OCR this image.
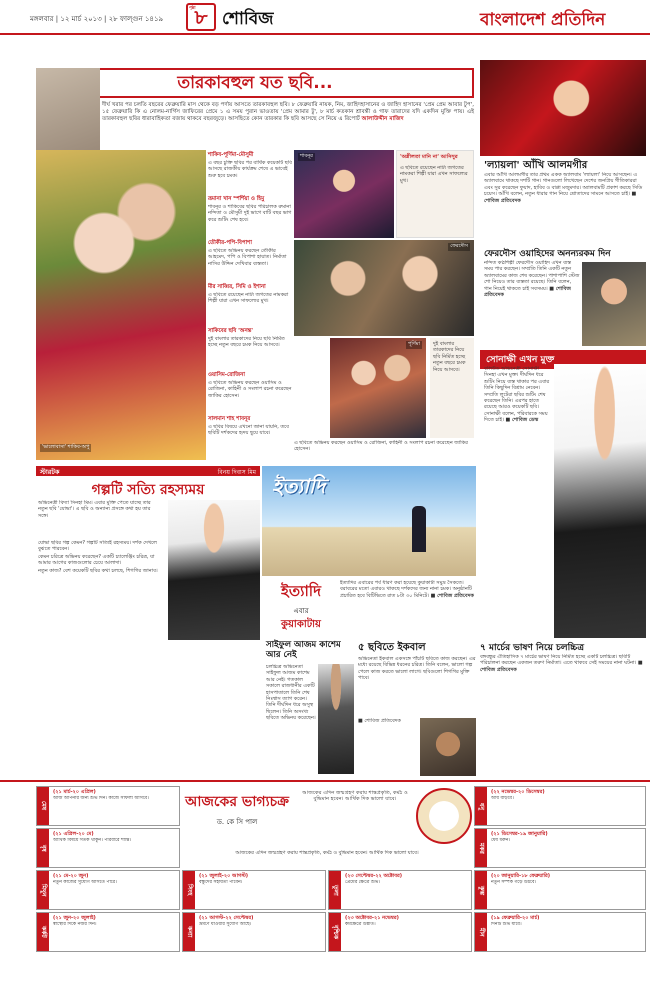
মঙ্গলবার | ১২ মার্চ ২০১৩ | ২৮ ফাল্গুন ১৪১৯
পৃষ্ঠা ৮ শোবিজ	বাংলাদেশ প্রতিদিন
তারকাবহুল যত ছবি...
দীর্ঘ খরার পর চলতি বছরের ফেব্রুয়ারি মাস থেকে বড় পর্দায় আসতে তারকাবহুল ছবি। ৮ ফেব্রুয়ারি নায়ক, নিম, জাহিদহাসানের ও জাহিদ হাসানের 'প্রেম প্রেম আবার টুপ', ১৫ ফেব্রুয়ারি কি এ নোলম-নার্গিস জাফিরের প্রেমে ১ এ সময় পুরান ভাওতায় 'প্রেম আমার টু', ৮ মার্চ কতকান শ্রাবন্তী ও গাফ তারাদের যদি একদিন মুক্তি পায়। এই তারকাবহুল ছবির ধারাবাহিকতা বজায় থাকবে বছরজুড়ে। আসছিতে কোন তারকার কি ছবি আসছে সে নিয়ে এ রিপোর্ট আলাউদ্দীন মাজিদ
'ভালোবাসা' শাকিব-অপু
শাকিব-পূর্ণিমা-মৌসুমী
এ বছর চুক্তি ছবির পর বার্ষিক কয়েকটি ছবি আসছে রাজকীয় কার্যক্রম শেষে এ ভাবেই শুরু হবে চমক।
রূমানা খান স্পর্শিয়া ও হিমু
শাবনূর ও শাকিবের ছবির পরিচালক রুমানা নন্দিতা ও মৌসুমী দুই ভাগে বাটি বছর ভাগ করে শুটিং শেষ হবে।
তৌকীর-পপি-বিপাশা
এ ছবিতে অভিনয় করছেন তৌকীর আহমেদ, পপি ও বিপাশা হায়াত। নির্মাতা নাসির উদ্দিন দেখিবার ব্যস্ততা।
মীর সাব্বির, সিমি ও ইশানা
এ ছবিতে রয়েছেন নাট্য জগতের নামকরা শিল্পী যারা এখন সাফল্যের মুখ।
সাকিবের ছবি 'অনন্ত'
দুই বাংলার তারকাদের নিয়ে ছবি নির্মিত হচ্ছে নতুন বছরে চমক নিয়ে আসবে।
ওয়াসিম-রোজিনা
এ ছবিতে অভিনয় করছেন ওয়াসিম ও রোজিনা, কাহিনী ও সংলাপ রচনা করেছেন জাকির হোসেন।
সালমান শাহ শাবনূর
এ ছবির বিষয়ে এখনো জানা যায়নি, তবে ছবিটি দর্শকদের হৃদয় ছুয়ে যাবে।
শাবনূর
ফেরদৌস
পূর্ণিমা
'অশ্লীলতা মানি না' আনিসুর
এ ছবিতে রয়েছেন নাট্য জগতের নামকরা শিল্পী যারা এখন সাফল্যের মুখ।
দুই বাংলার তারকাদের নিয়ে ছবি নির্মিত হচ্ছে নতুন বছরে চমক নিয়ে আসবে।
এ ছবিতে অভিনয় করছেন ওয়াসিম ও রোজিনা, কাহিনী ও সংলাপ রচনা করেছেন জাকির হোসেন।
'ল্যায়লা' আঁখি আলমগীর
এবার আঁখি আলমগীর তার প্রথম একক অ্যালবাম 'ল্যায়লা' নিয়ে আসছেন। এ অ্যালবামে থাকছে দশটি গান। গানগুলো লিখেছেন দেশের জনপ্রিয় গীতিকাররা এবং সুর করেছেন ফুয়াদ, হাবিব ও বাপ্পা মজুমদার। অ্যালবামটি প্রকাশ করছে সিডি চয়েস। আঁখি বলেন, নতুন ধারার গান নিয়ে শ্রোতাদের সামনে আসতে চাই। ■ শোবিজ প্রতিবেদক
ফেরদৌস ওয়াহিদের অনন্যরকম দিন
নন্দিত কণ্ঠশিল্পী ফেরদৌস ওয়াহিদ এখন ব্যস্ত সময় পার করছেন। সম্প্রতি তিনি একটি নতুন অ্যালবামের কাজ শেষ করেছেন। পাশাপাশি স্টেজ শো নিয়েও তার ব্যস্ততা রয়েছে। তিনি বলেন, গান নিয়েই থাকতে চাই সবসময়। ■ শোবিজ প্রতিবেদক
সোনাক্ষী এখন মুক্ত
বলিউড অভিনেত্রী সোনাক্ষী সিনহা এখন মুক্ত। দীর্ঘদিন ধরে শুটিং নিয়ে ব্যস্ত থাকার পর এবার তিনি কিছুদিন বিশ্রাম নেবেন। সম্প্রতি লুটেরা ছবির শুটিং শেষ করেছেন তিনি। এরপর হাতে রয়েছে আরও কয়েকটি ছবি। সোনাক্ষী বলেন, পরিবারকে সময় দিতে চাই। ■ শোবিজ ডেস্ক
স্টারটক	বিনয় দিবাস মিম
গল্পটি সত্যি রহস্যময়
অভিনেত্রী বিদ্যা সিনহা মিম। এবার মুক্তি পেতে যাচ্ছে তার নতুন ছবি 'যোদ্ধা'। এ ছবি ও অন্যান্য প্রসঙ্গে কথা হয় তার সঙ্গে।

যোদ্ধা ছবির গল্প কেমন? গল্পটি সত্যিই রহস্যময়। দর্শক দেখলে বুঝতে পারবেন।

কেমন চরিত্রে অভিনয় করেছেন? একটি চ্যালেঞ্জিং চরিত্র, যা আমার আগের কাজগুলোর চেয়ে আলাদা।

নতুন কাজ? বেশ কয়েকটি ছবির কথা চলছে, শিগগির জানাব।

ইত্যাদি
ইত্যাদি
এবার
কুয়াকাটায়
ইত্যাদির এবারের পর্ব ধারণ করা হয়েছে কুয়াকাটা সমুদ্র সৈকতে। বরাবরের মতো এবারও থাকছে দর্শকদের জন্য নানা চমক। অনুষ্ঠানটি প্রচারিত হবে বিটিভিতে রাত ৮টা ৩০ মিনিটে। ■ শোবিজ প্রতিবেদক
সাইফুল আজম কাশেম আর নেই
চলচ্চিত্র অভিনেতা সাইফুল আজম কাশেম আর নেই। গতকাল সকালে রাজধানীর একটি হাসপাতালে তিনি শেষ নিঃশ্বাস ত্যাগ করেন। তিনি দীর্ঘদিন ধরে অসুস্থ ছিলেন। তিনি অসংখ্য ছবিতে অভিনয় করেছেন।
৫ ছবিতে ইকবাল
অভিনেতা ইকবাল একসঙ্গে পাঁচটি ছবিতে কাজ করছেন। এর মধ্যে রয়েছে বিভিন্ন ধরনের চরিত্র। তিনি বলেন, ভালো গল্প পেলে কাজ করতে ভালো লাগে। ছবিগুলো শিগগির মুক্তি পাবে।
■ শোবিজ প্রতিবেদক
৭ মার্চের ভাষণ নিয়ে চলচ্চিত্র
বঙ্গবন্ধুর ঐতিহাসিক ৭ মার্চের ভাষণ নিয়ে নির্মিত হচ্ছে একটি চলচ্চিত্র। ছবিটি পরিচালনা করছেন একজন তরুণ নির্মাতা। এতে থাকবে সেই সময়ের নানা ঘটনা। ■ শোবিজ প্রতিবেদক
আজকের ভাগ্যচক্র
ড. কে সি পাল
আজকের এদিন জন্মগ্রহণ করায় শান্তপ্রকৃতি, কর্মঠ ও বুদ্ধিমান হবেন। আর্থিক দিক ভালো যাবে।
মেষ
(২১ মার্চ-২০ এপ্রিল)
আজ আপনার জন্য শুভ দিন। কাজে সাফল্য আসবে।
বৃষ
(২১ এপ্রিল-২০ মে)
আর্থিক বিষয়ে সতর্ক থাকুন। পরিবারে শান্তি।
মিথুন
(২১ মে-২০ জুন)
নতুন কাজের সুযোগ আসতে পারে।
কর্কট
(২১ জুন-২০ জুলাই)
স্বাস্থ্যের দিকে নজর দিন।
সিংহ
(২১ জুলাই-২০ আগস্ট)
বন্ধুদের সহায়তা পাবেন।
কন্যা
(২১ আগস্ট-২২ সেপ্টেম্বর)
ভ্রমণে যাওয়ার সুযোগ আছে।
তুলা
(২৩ সেপ্টেম্বর-২২ অক্টোবর)
প্রেমের ক্ষেত্রে শুভ।
বৃশ্চিক
(২৩ অক্টোবর-২১ নভেম্বর)
কর্মক্ষেত্রে উন্নতি।
ধনু
(২২ নভেম্বর-২০ ডিসেম্বর)
আয় বাড়বে।
মকর
(২১ ডিসেম্বর-১৯ জানুয়ারি)
ধৈর্য ধরুন।
কুম্ভ
(২০ জানুয়ারি-১৮ ফেব্রুয়ারি)
নতুন সম্পর্ক গড়ে উঠবে।
মীন
(১৯ ফেব্রুয়ারি-২০ মার্চ)
দিনটি শুভ যাবে।
আজকের এদিন জন্মগ্রহণ করায় শান্তপ্রকৃতি, কর্মঠ ও বুদ্ধিমান হবেন। আর্থিক দিক ভালো যাবে।
